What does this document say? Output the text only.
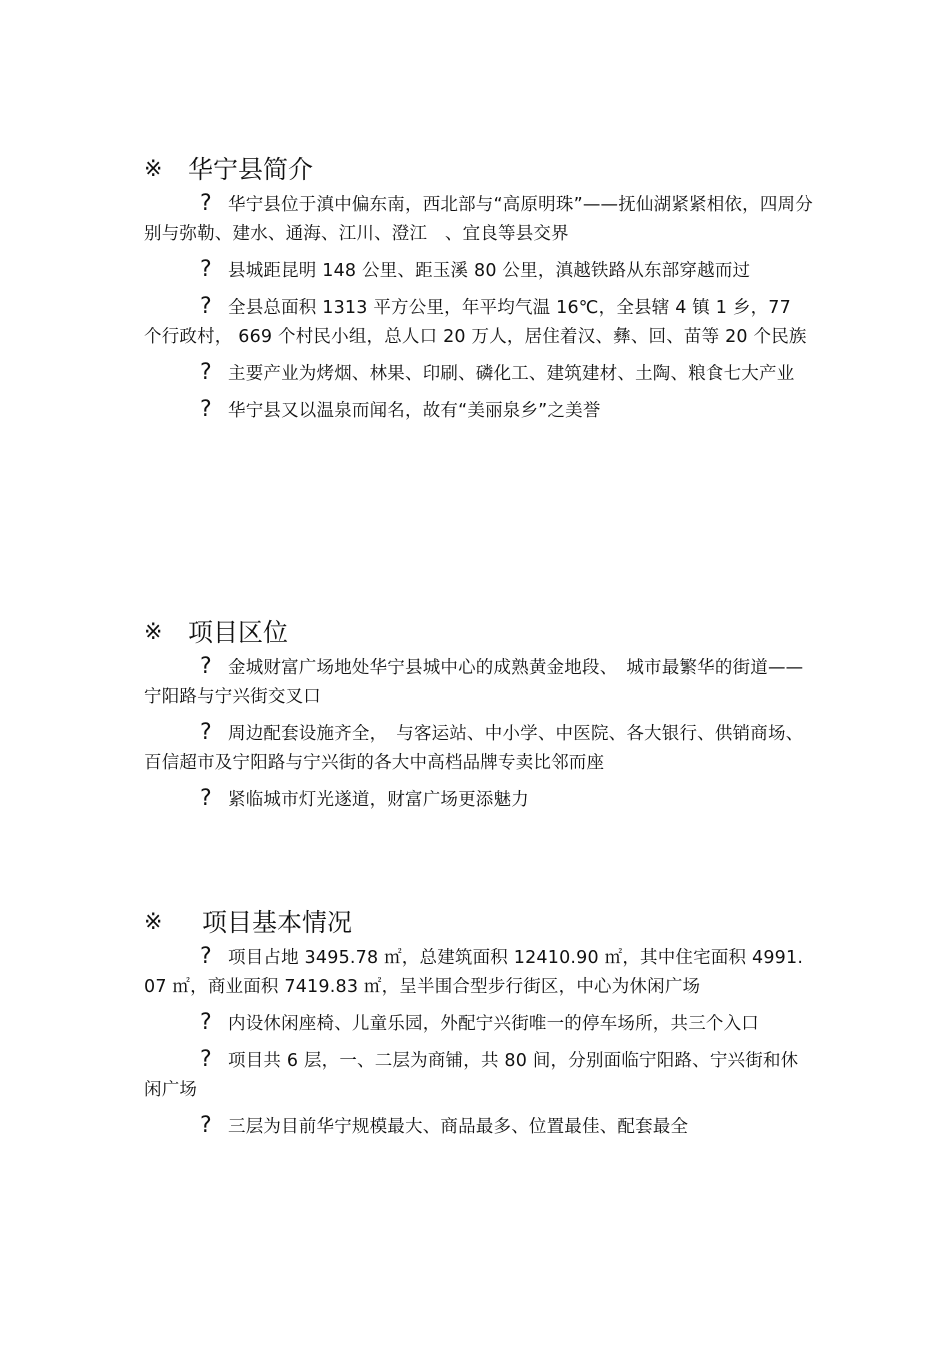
※	华宁县简介

? 华宁县位于滇中偏东南，西北部与“高原明珠”——抚仙湖紧紧相依，四周分别与弥勒、建水、通海、江川、澄江　、宜良等县交界

? 县城距昆明 148 公里、距玉溪 80 公里，滇越铁路从东部穿越而过

? 全县总面积 1313 平方公里，年平均气温 16℃，全县辖 4 镇 1 乡，77 个行政村， 669 个村民小组，总人口 20 万人，居住着汉、彝、回、苗等 20 个民族

? 主要产业为烤烟、林果、印刷、磷化工、建筑建材、土陶、粮食七大产业

? 华宁县又以温泉而闻名，故有“美丽泉乡”之美誉

※	项目区位

? 金城财富广场地处华宁县城中心的成熟黄金地段、　城市最繁华的街道——宁阳路与宁兴街交叉口

? 周边配套设施齐全，　与客运站、中小学、中医院、各大银行、供销商场、百信超市及宁阳路与宁兴街的各大中高档品牌专卖比邻而座

? 紧临城市灯光遂道，财富广场更添魅力

※	项目基本情况

? 项目占地 3495.78 ㎡，总建筑面积 12410.90 ㎡，其中住宅面积 4991.07 ㎡，商业面积 7419.83 ㎡，呈半围合型步行街区，中心为休闲广场

? 内设休闲座椅、儿童乐园，外配宁兴街唯一的停车场所，共三个入口

? 项目共 6 层，一、二层为商铺，共 80 间，分别面临宁阳路、宁兴街和休闲广场

? 三层为目前华宁规模最大、商品最多、位置最佳、配套最全
